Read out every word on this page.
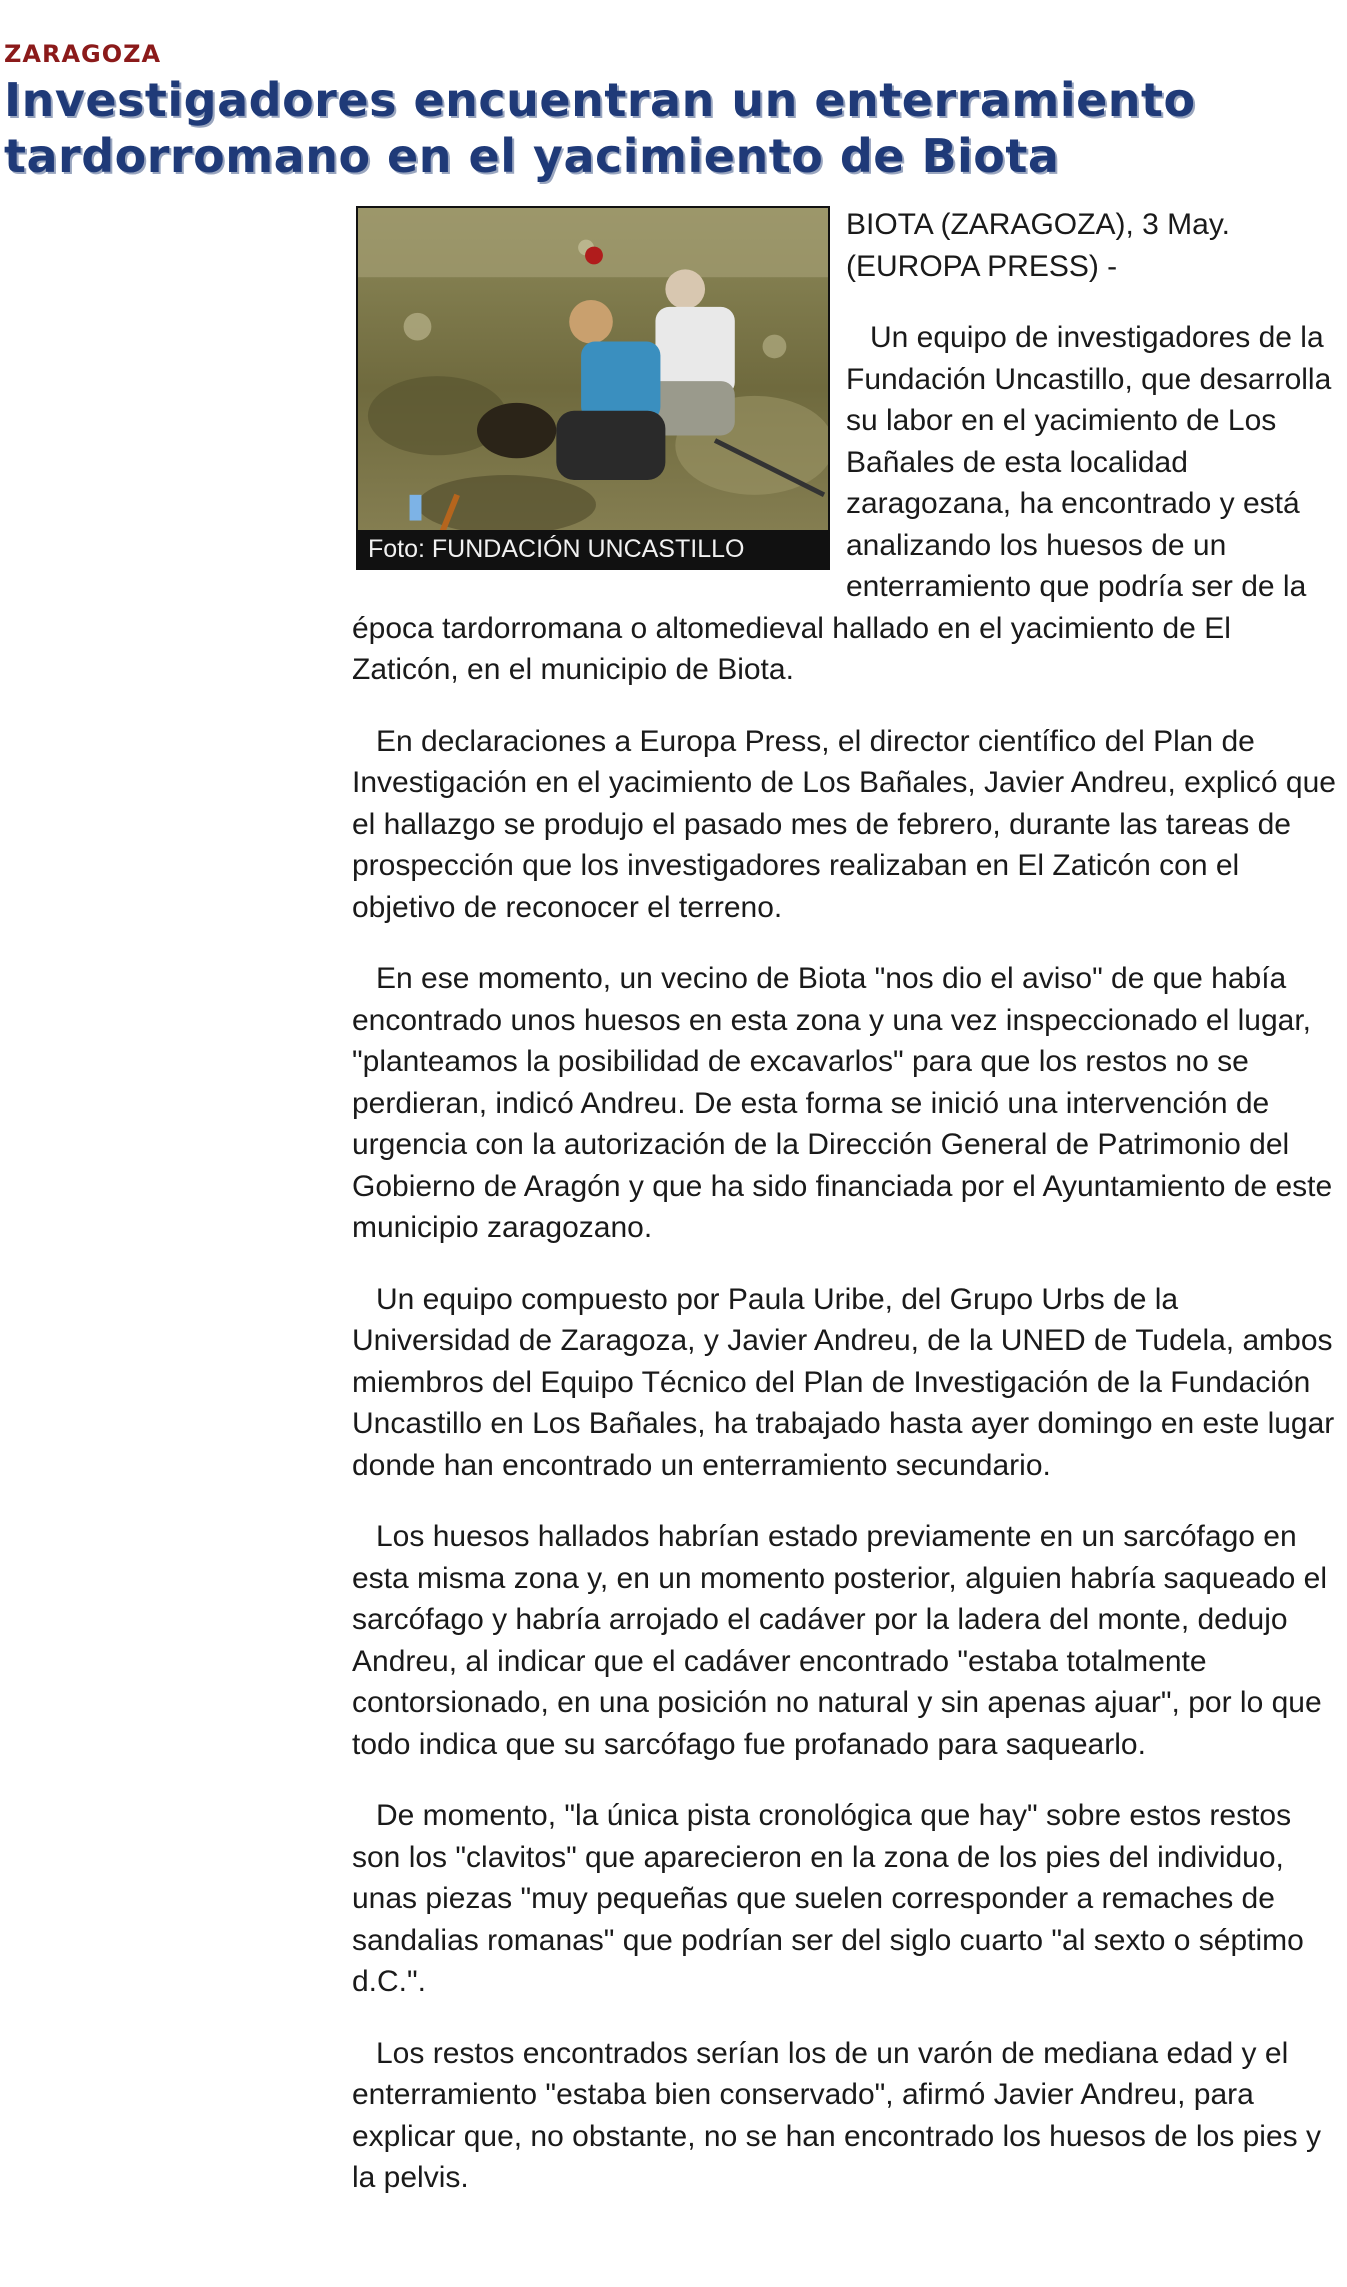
ZARAGOZA
Investigadores encuentran un enterramiento tardorromano en el yacimiento de Biota
Foto: FUNDACIÓN UNCASTILLO
BIOTA (ZARAGOZA), 3 May.
(EUROPA PRESS) -

Un equipo de investigadores de la Fundación Uncastillo, que desarrolla su labor en el yacimiento de Los Bañales de esta localidad zaragozana, ha encontrado y está analizando los huesos de un enterramiento que podría ser de la época tardorromana o altomedieval hallado en el yacimiento de El Zaticón, en el municipio de Biota.

En declaraciones a Europa Press, el director científico del Plan de Investigación en el yacimiento de Los Bañales, Javier Andreu, explicó que el hallazgo se produjo el pasado mes de febrero, durante las tareas de prospección que los investigadores realizaban en El Zaticón con el objetivo de reconocer el terreno.

En ese momento, un vecino de Biota "nos dio el aviso" de que había encontrado unos huesos en esta zona y una vez inspeccionado el lugar, "planteamos la posibilidad de excavarlos" para que los restos no se perdieran, indicó Andreu. De esta forma se inició una intervención de urgencia con la autorización de la Dirección General de Patrimonio del Gobierno de Aragón y que ha sido financiada por el Ayuntamiento de este municipio zaragozano.

Un equipo compuesto por Paula Uribe, del Grupo Urbs de la Universidad de Zaragoza, y Javier Andreu, de la UNED de Tudela, ambos miembros del Equipo Técnico del Plan de Investigación de la Fundación Uncastillo en Los Bañales, ha trabajado hasta ayer domingo en este lugar donde han encontrado un enterramiento secundario.

Los huesos hallados habrían estado previamente en un sarcófago en esta misma zona y, en un momento posterior, alguien habría saqueado el sarcófago y habría arrojado el cadáver por la ladera del monte, dedujo Andreu, al indicar que el cadáver encontrado "estaba totalmente contorsionado, en una posición no natural y sin apenas ajuar", por lo que todo indica que su sarcófago fue profanado para saquearlo.

De momento, "la única pista cronológica que hay" sobre estos restos son los "clavitos" que aparecieron en la zona de los pies del individuo, unas piezas "muy pequeñas que suelen corresponder a remaches de sandalias romanas" que podrían ser del siglo cuarto "al sexto o séptimo d.C.".

Los restos encontrados serían los de un varón de mediana edad y el enterramiento "estaba bien conservado", afirmó Javier Andreu, para explicar que, no obstante, no se han encontrado los huesos de los pies y la pelvis.
